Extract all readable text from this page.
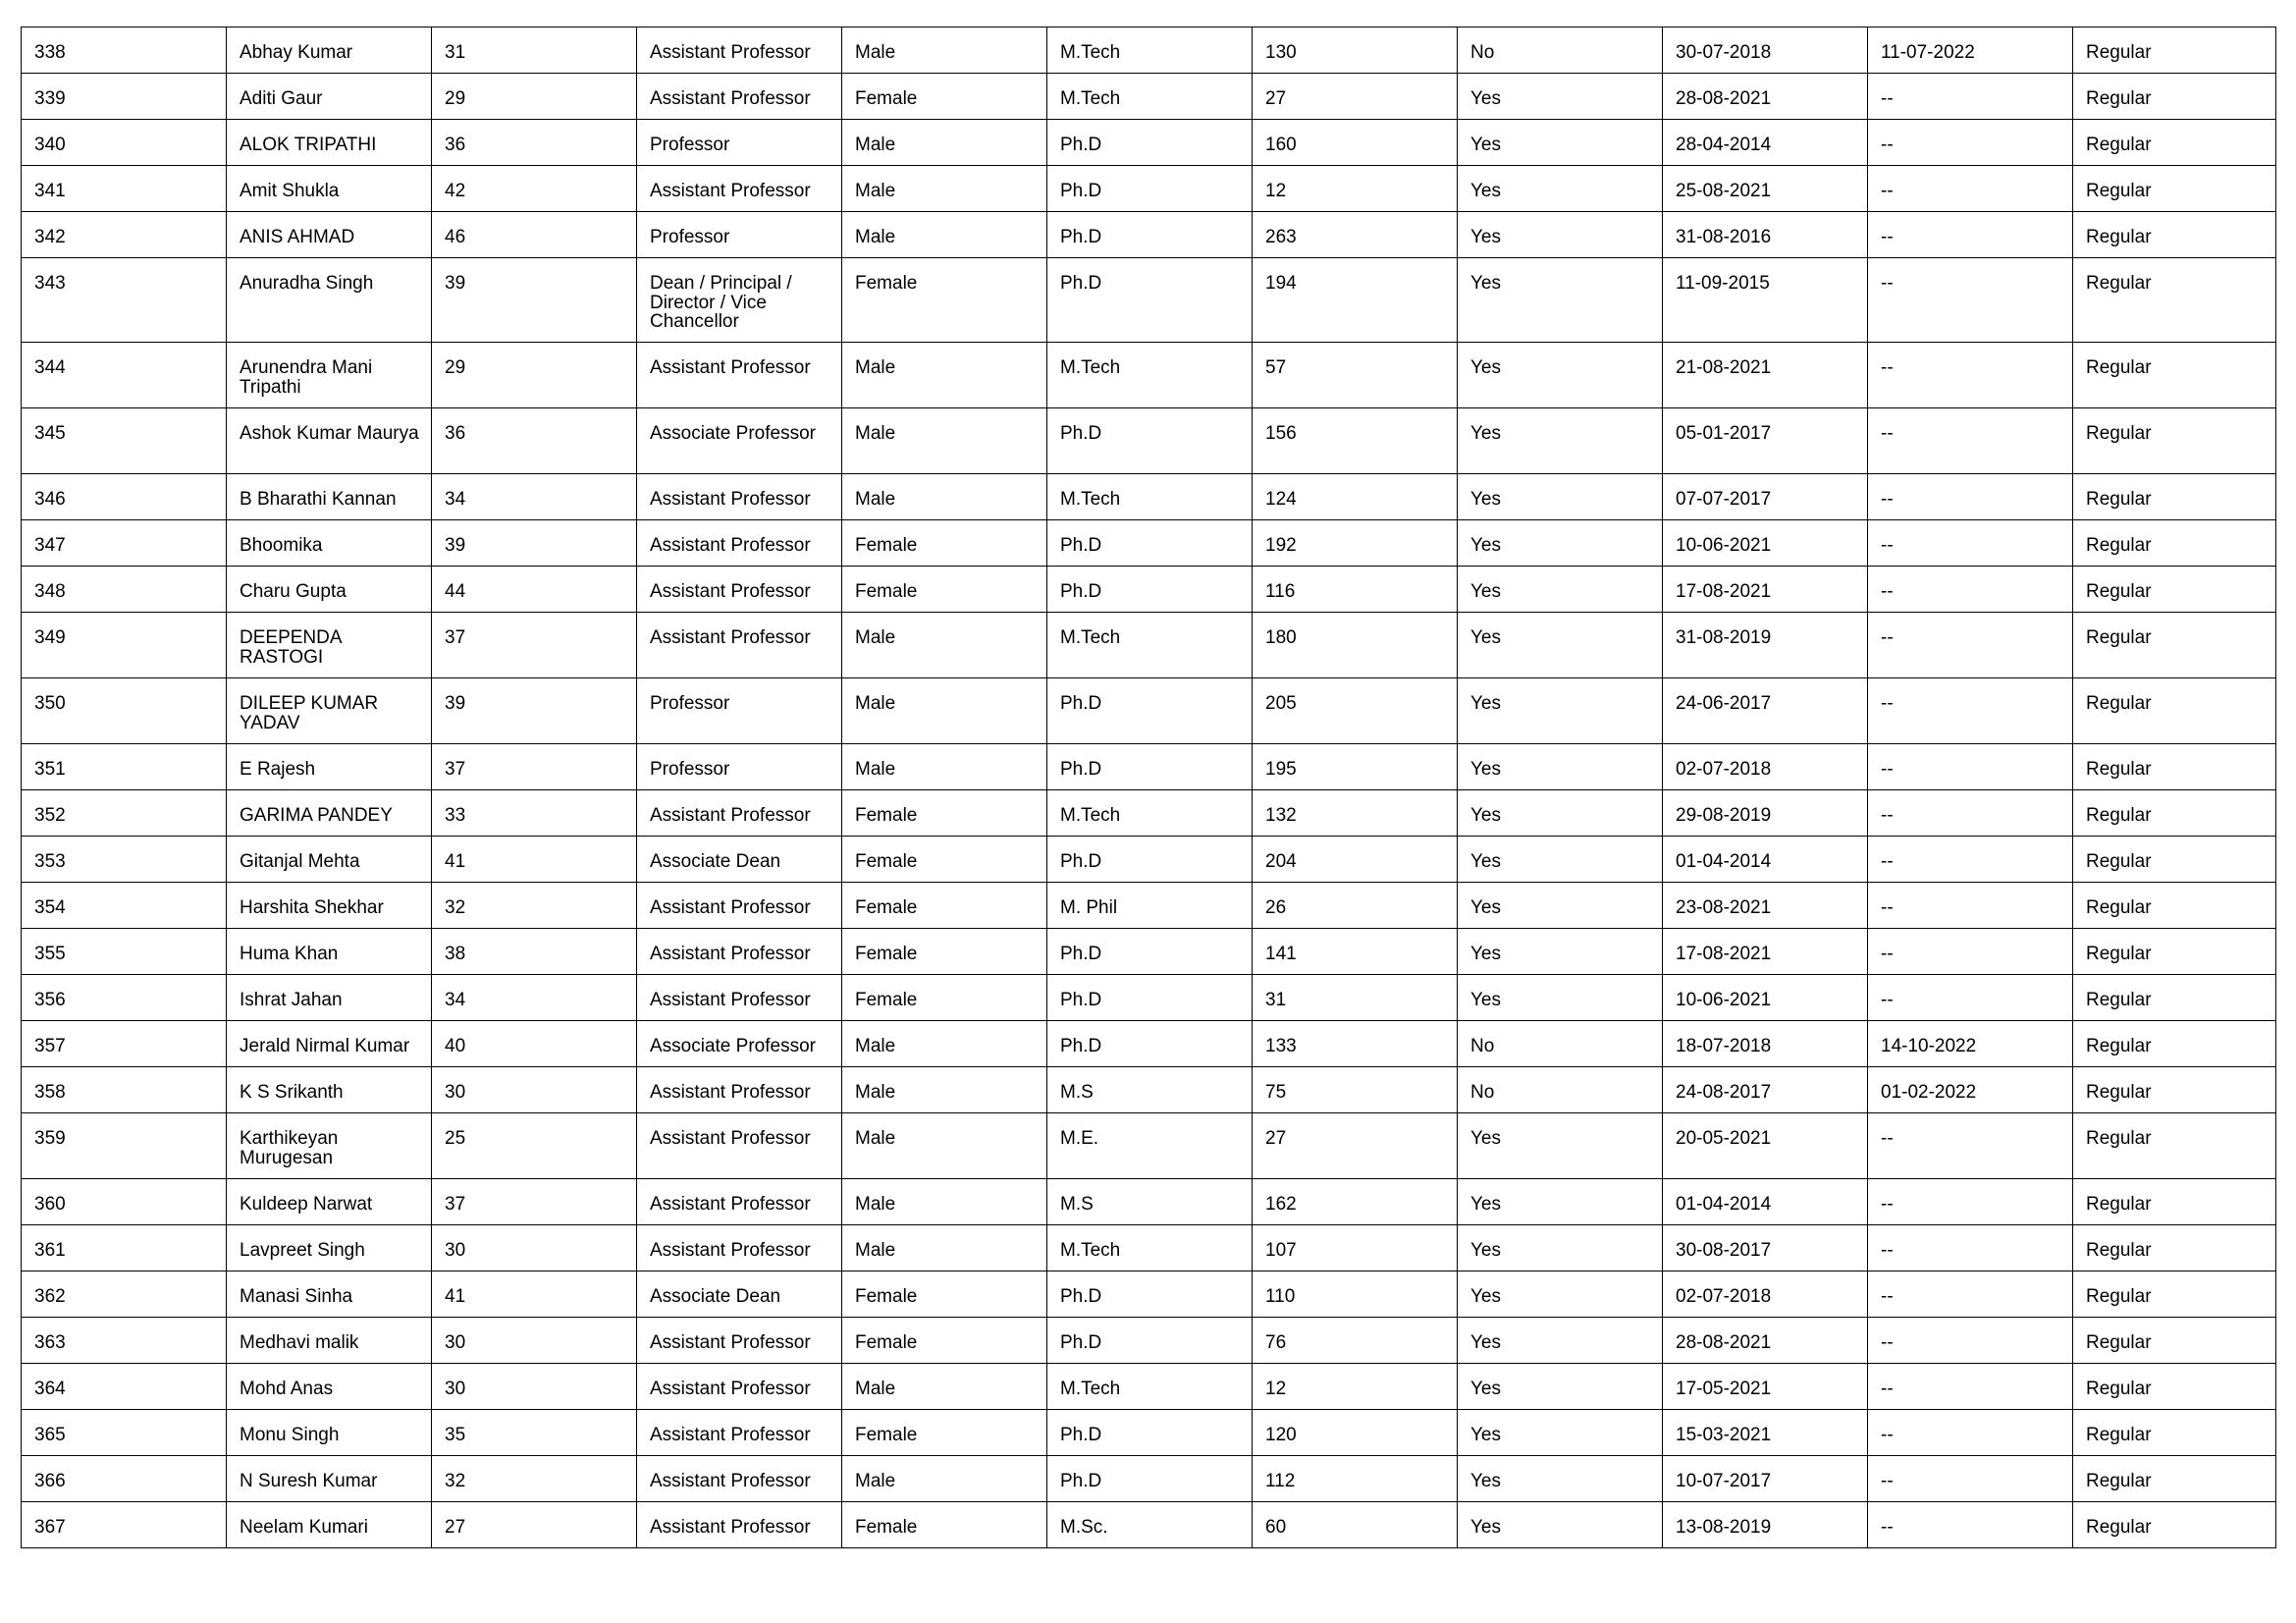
338	Abhay Kumar	31	Assistant Professor	Male	M.Tech	130	No	30-07-2018	11-07-2022	Regular
339	Aditi Gaur	29	Assistant Professor	Female	M.Tech	27	Yes	28-08-2021	--	Regular
340	ALOK TRIPATHI	36	Professor	Male	Ph.D	160	Yes	28-04-2014	--	Regular
341	Amit Shukla	42	Assistant Professor	Male	Ph.D	12	Yes	25-08-2021	--	Regular
342	ANIS AHMAD	46	Professor	Male	Ph.D	263	Yes	31-08-2016	--	Regular
343	Anuradha Singh	39	Dean / Principal / Director / Vice Chancellor	Female	Ph.D	194	Yes	11-09-2015	--	Regular
344	Arunendra Mani Tripathi	29	Assistant Professor	Male	M.Tech	57	Yes	21-08-2021	--	Regular
345	Ashok Kumar Maurya	36	Associate Professor	Male	Ph.D	156	Yes	05-01-2017	--	Regular
346	B Bharathi Kannan	34	Assistant Professor	Male	M.Tech	124	Yes	07-07-2017	--	Regular
347	Bhoomika	39	Assistant Professor	Female	Ph.D	192	Yes	10-06-2021	--	Regular
348	Charu Gupta	44	Assistant Professor	Female	Ph.D	116	Yes	17-08-2021	--	Regular
349	DEEPENDA RASTOGI	37	Assistant Professor	Male	M.Tech	180	Yes	31-08-2019	--	Regular
350	DILEEP KUMAR YADAV	39	Professor	Male	Ph.D	205	Yes	24-06-2017	--	Regular
351	E Rajesh	37	Professor	Male	Ph.D	195	Yes	02-07-2018	--	Regular
352	GARIMA PANDEY	33	Assistant Professor	Female	M.Tech	132	Yes	29-08-2019	--	Regular
353	Gitanjal Mehta	41	Associate Dean	Female	Ph.D	204	Yes	01-04-2014	--	Regular
354	Harshita Shekhar	32	Assistant Professor	Female	M. Phil	26	Yes	23-08-2021	--	Regular
355	Huma Khan	38	Assistant Professor	Female	Ph.D	141	Yes	17-08-2021	--	Regular
356	Ishrat Jahan	34	Assistant Professor	Female	Ph.D	31	Yes	10-06-2021	--	Regular
357	Jerald Nirmal Kumar	40	Associate Professor	Male	Ph.D	133	No	18-07-2018	14-10-2022	Regular
358	K S Srikanth	30	Assistant Professor	Male	M.S	75	No	24-08-2017	01-02-2022	Regular
359	Karthikeyan Murugesan	25	Assistant Professor	Male	M.E.	27	Yes	20-05-2021	--	Regular
360	Kuldeep Narwat	37	Assistant Professor	Male	M.S	162	Yes	01-04-2014	--	Regular
361	Lavpreet Singh	30	Assistant Professor	Male	M.Tech	107	Yes	30-08-2017	--	Regular
362	Manasi Sinha	41	Associate Dean	Female	Ph.D	110	Yes	02-07-2018	--	Regular
363	Medhavi malik	30	Assistant Professor	Female	Ph.D	76	Yes	28-08-2021	--	Regular
364	Mohd Anas	30	Assistant Professor	Male	M.Tech	12	Yes	17-05-2021	--	Regular
365	Monu Singh	35	Assistant Professor	Female	Ph.D	120	Yes	15-03-2021	--	Regular
366	N Suresh Kumar	32	Assistant Professor	Male	Ph.D	112	Yes	10-07-2017	--	Regular
367	Neelam Kumari	27	Assistant Professor	Female	M.Sc.	60	Yes	13-08-2019	--	Regular
